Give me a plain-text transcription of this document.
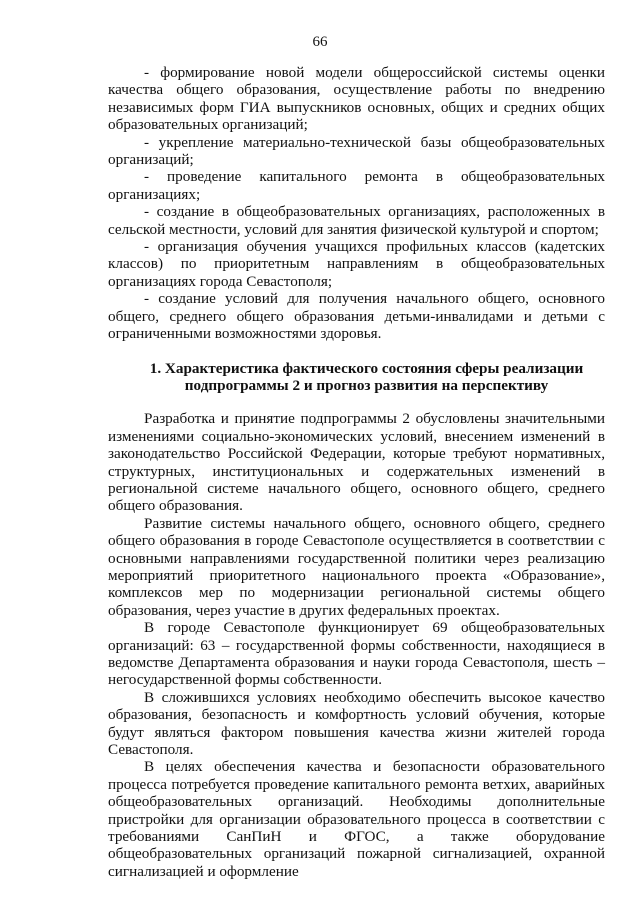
66

- формирование новой модели общероссийской системы оценки качества общего образования, осуществление работы по внедрению независимых форм ГИА выпускников основных, общих и средних общих образовательных организаций;

- укрепление материально-технической базы общеобразовательных организаций;

- проведение капитального ремонта в общеобразовательных организациях;

- создание в общеобразовательных организациях, расположенных в сельской местности, условий для занятия физической культурой и спортом;

- организация обучения учащихся профильных классов (кадетских классов) по приоритетным направлениям в общеобразовательных организациях города Севастополя;

- создание условий для получения начального общего, основного общего, среднего общего образования детьми-инвалидами и детьми с ограниченными возможностями здоровья.

1. Характеристика фактического состояния сферы реализации
подпрограммы 2 и прогноз развития на перспективу

Разработка и принятие подпрограммы 2 обусловлены значительными изменениями социально-экономических условий, внесением изменений в законодательство Российской Федерации, которые требуют нормативных, структурных, институциональных и содержательных изменений в региональной системе начального общего, основного общего, среднего общего образования.

Развитие системы начального общего, основного общего, среднего общего образования в городе Севастополе осуществляется в соответствии с основными направлениями государственной политики через реализацию мероприятий приоритетного национального проекта «Образование», комплексов мер по модернизации региональной системы общего образования, через участие в других федеральных проектах.

В городе Севастополе функционирует 69 общеобразовательных организаций: 63 – государственной формы собственности, находящиеся в ведомстве Департамента образования и науки города Севастополя, шесть – негосударственной формы собственности.

В сложившихся условиях необходимо обеспечить высокое качество образования, безопасность и комфортность условий обучения, которые будут являться фактором повышения качества жизни жителей города Севастополя.

В целях обеспечения качества и безопасности образовательного процесса потребуется проведение капитального ремонта ветхих, аварийных общеобразовательных организаций. Необходимы дополнительные пристройки для организации образовательного процесса в соответствии с требованиями СанПиН и ФГОС, а также оборудование общеобразовательных организаций пожарной сигнализацией, охранной сигнализацией и оформление
